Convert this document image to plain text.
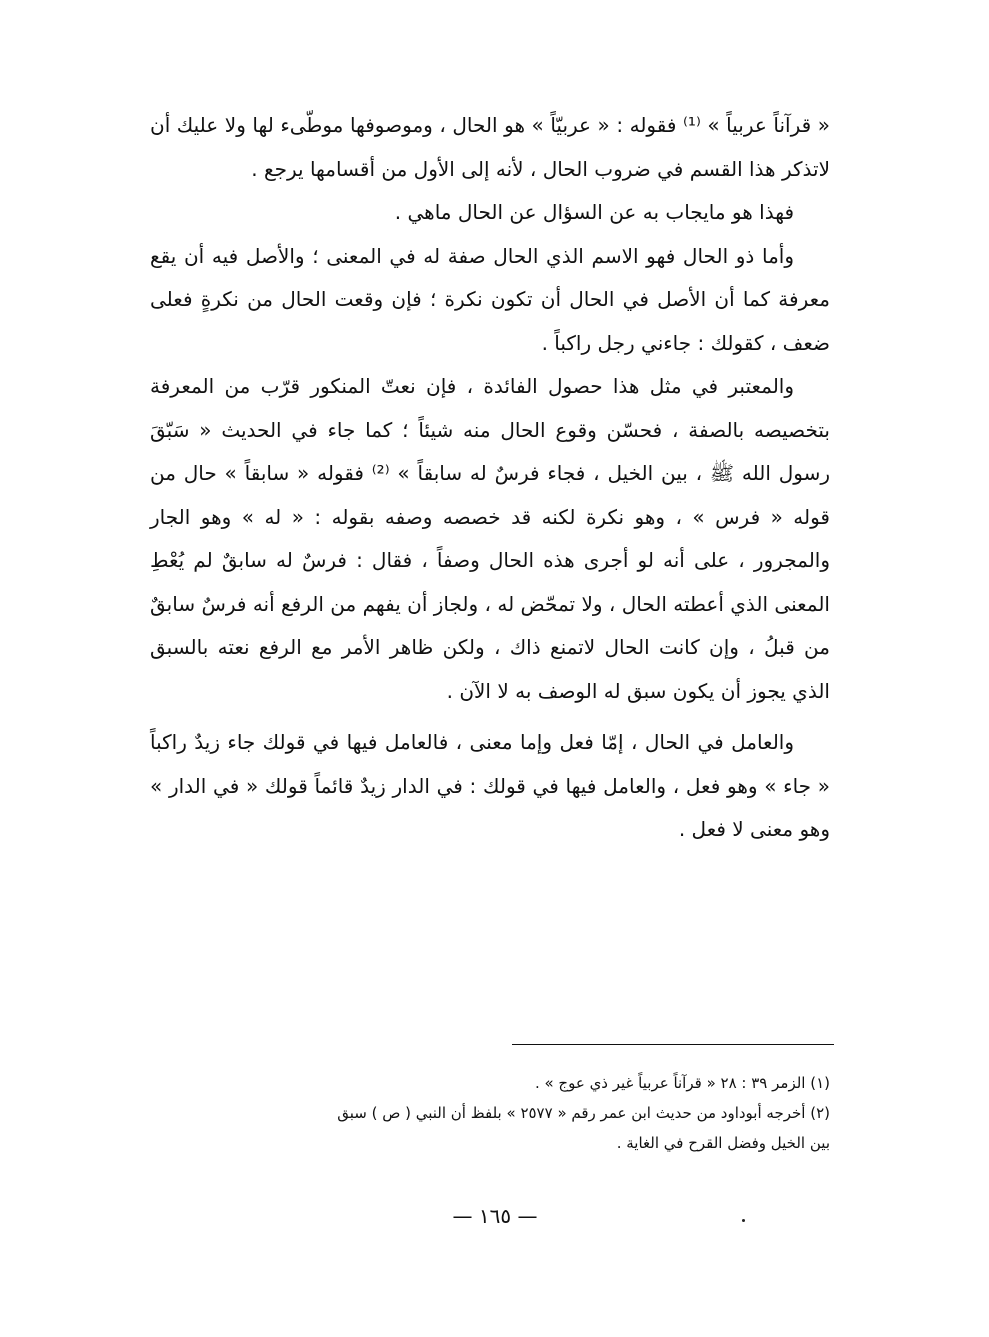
« قرآناً عربياً » ⁽¹⁾ فقوله : « عربيّاً » هو الحال ، وموصوفها موطّىء لها ولا عليك أن لاتذكر هذا القسم في ضروب الحال ، لأنه إلى الأول من أقسامها يرجع .

فهذا هو مايجاب به عن السؤال عن الحال ماهي .

وأما ذو الحال فهو الاسم الذي الحال صفة له في المعنى ؛ والأصل فيه أن يقع معرفة كما أن الأصل في الحال أن تكون نكرة ؛ فإن وقعت الحال من نكرةٍ فعلى ضعف ، كقولك : جاءني رجل راكباً .

والمعتبر في مثل هذا حصول الفائدة ، فإن نعتّ المنكور قرّب من المعرفة بتخصيصه بالصفة ، فحسّن وقوع الحال منه شيئاً ؛ كما جاء في الحديث « سَبّقَ رسول الله ﷺ ، بين الخيل ، فجاء فرسٌ له سابقاً » ⁽²⁾ فقوله « سابقاً » حال من قوله « فرس » ، وهو نكرة لكنه قد خصصه وصفه بقوله : « له » وهو الجار والمجرور ، على أنه لو أجرى هذه الحال وصفاً ، فقال : فرسٌ له سابقٌ لم يُعْطِ المعنى الذي أعطته الحال ، ولا تمحّض له ، ولجاز أن يفهم من الرفع أنه فرسٌ سابقٌ من قبلُ ، وإن كانت الحال لاتمنع ذاك ، ولكن ظاهر الأمر مع الرفع نعته بالسبق الذي يجوز أن يكون سبق له الوصف به لا الآن .

والعامل في الحال ، إمّا فعل وإما معنى ، فالعامل فيها في قولك جاء زيدٌ راكباً « جاء » وهو فعل ، والعامل فيها في قولك : في الدار زيدٌ قائماً قولك « في الدار » وهو معنى لا فعل .

(١) الزمر ٣٩ : ٢٨ « قرآناً عربياً غير ذي عوج » .

(٢) أخرجه أبوداود من حديث ابن عمر رقم « ٢٥٧٧ » بلفظ أن النبي ( ص ) سبق بين الخيل وفضل القرح في الغاية .

— ١٦٥ —
